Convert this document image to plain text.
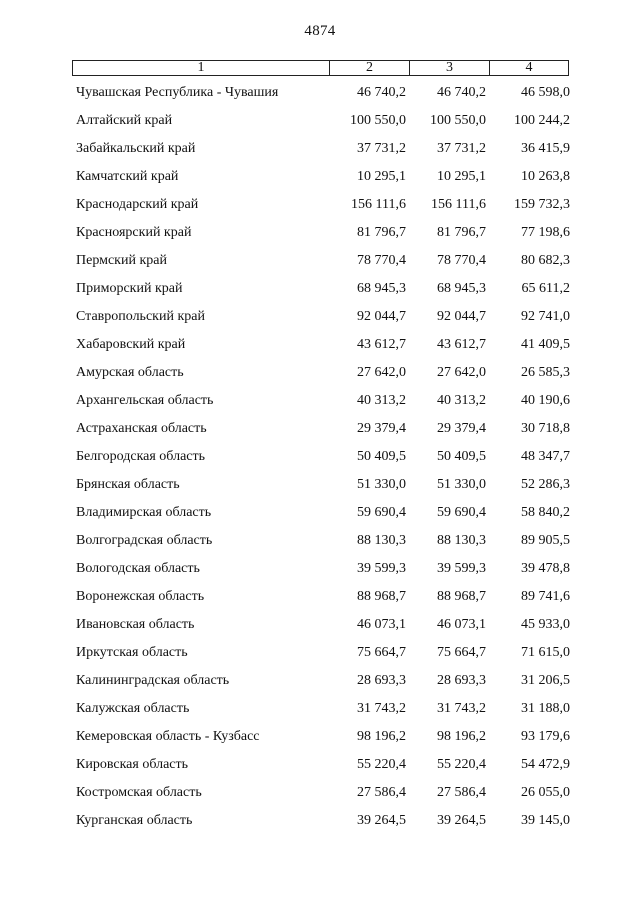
4874
1	2	3	4
Чувашская Республика - Чувашия	46 740,2	46 740,2	46 598,0
Алтайский край	100 550,0	100 550,0	100 244,2
Забайкальский край	37 731,2	37 731,2	36 415,9
Камчатский край	10 295,1	10 295,1	10 263,8
Краснодарский край	156 111,6	156 111,6	159 732,3
Красноярский край	81 796,7	81 796,7	77 198,6
Пермский край	78 770,4	78 770,4	80 682,3
Приморский край	68 945,3	68 945,3	65 611,2
Ставропольский край	92 044,7	92 044,7	92 741,0
Хабаровский край	43 612,7	43 612,7	41 409,5
Амурская область	27 642,0	27 642,0	26 585,3
Архангельская область	40 313,2	40 313,2	40 190,6
Астраханская область	29 379,4	29 379,4	30 718,8
Белгородская область	50 409,5	50 409,5	48 347,7
Брянская область	51 330,0	51 330,0	52 286,3
Владимирская область	59 690,4	59 690,4	58 840,2
Волгоградская область	88 130,3	88 130,3	89 905,5
Вологодская область	39 599,3	39 599,3	39 478,8
Воронежская область	88 968,7	88 968,7	89 741,6
Ивановская область	46 073,1	46 073,1	45 933,0
Иркутская область	75 664,7	75 664,7	71 615,0
Калининградская область	28 693,3	28 693,3	31 206,5
Калужская область	31 743,2	31 743,2	31 188,0
Кемеровская область - Кузбасс	98 196,2	98 196,2	93 179,6
Кировская область	55 220,4	55 220,4	54 472,9
Костромская область	27 586,4	27 586,4	26 055,0
Курганская область	39 264,5	39 264,5	39 145,0
